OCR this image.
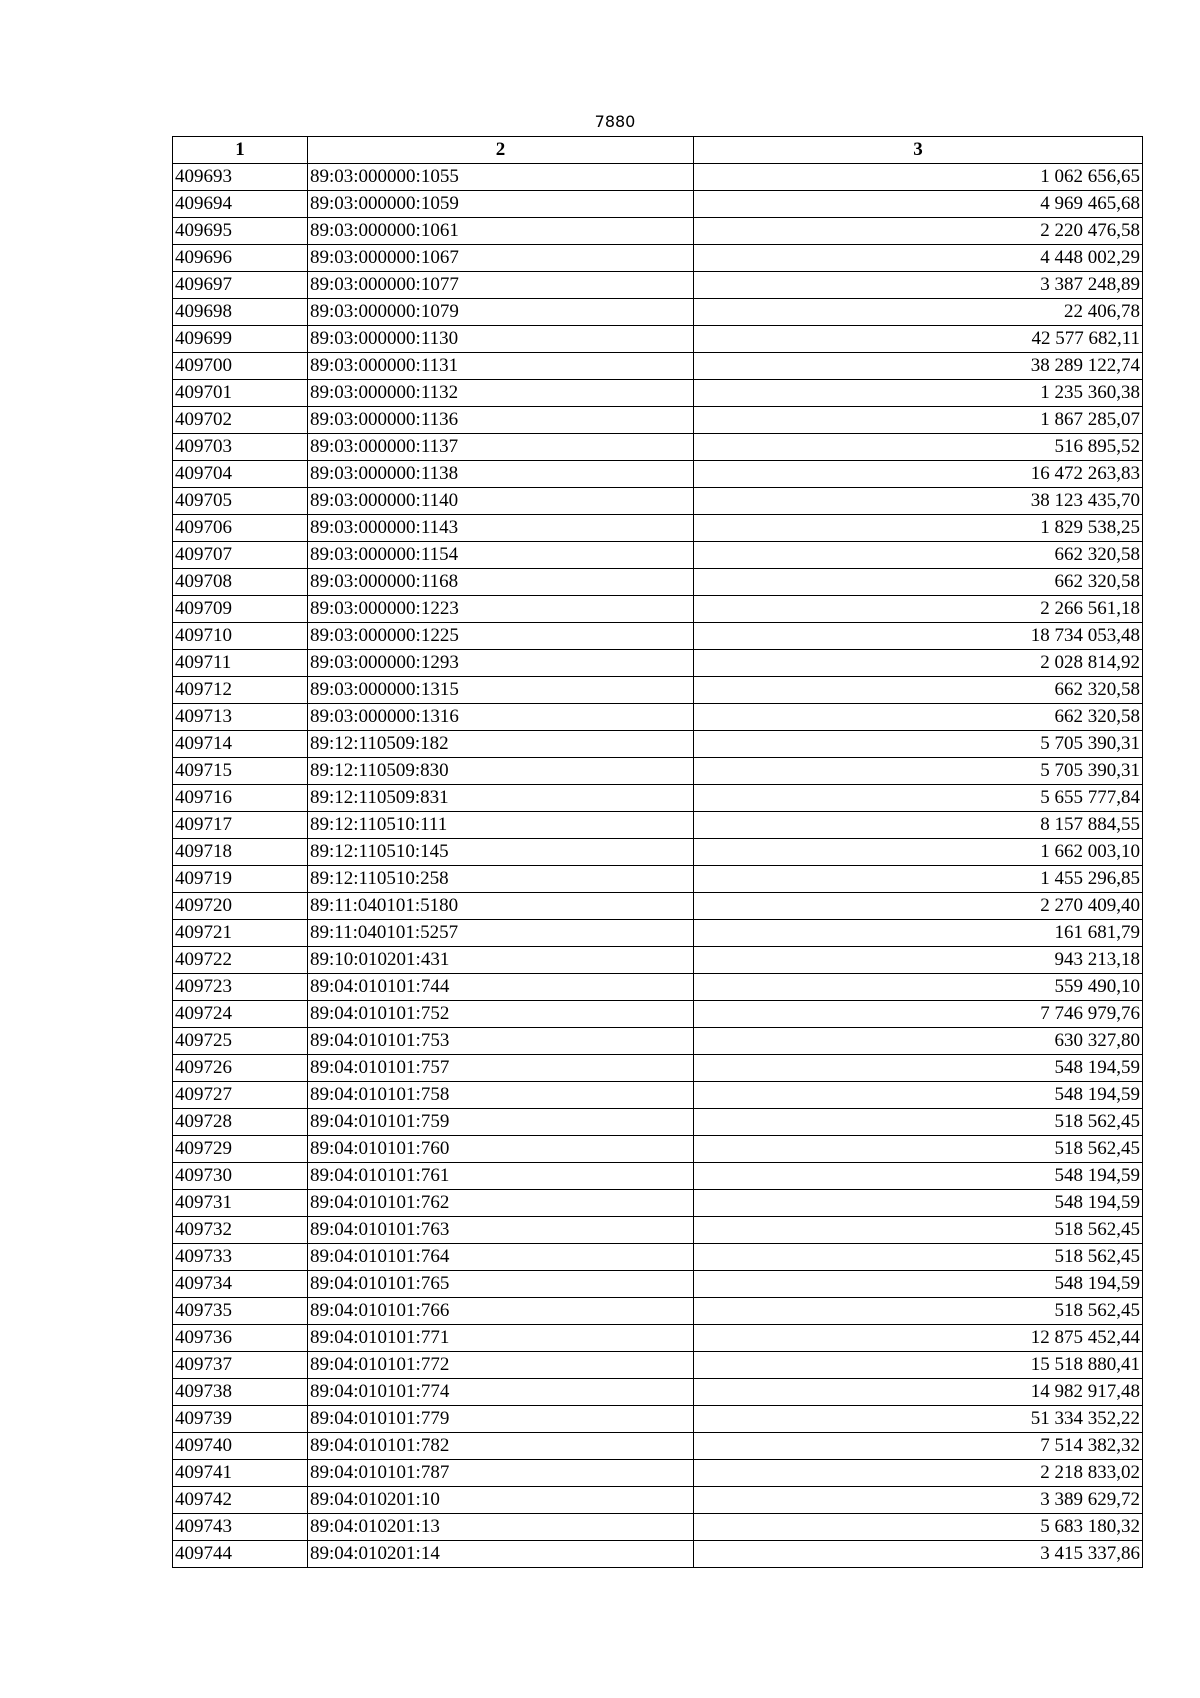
7880
1	2	3
409693	89:03:000000:1055	1 062 656,65
409694	89:03:000000:1059	4 969 465,68
409695	89:03:000000:1061	2 220 476,58
409696	89:03:000000:1067	4 448 002,29
409697	89:03:000000:1077	3 387 248,89
409698	89:03:000000:1079	22 406,78
409699	89:03:000000:1130	42 577 682,11
409700	89:03:000000:1131	38 289 122,74
409701	89:03:000000:1132	1 235 360,38
409702	89:03:000000:1136	1 867 285,07
409703	89:03:000000:1137	516 895,52
409704	89:03:000000:1138	16 472 263,83
409705	89:03:000000:1140	38 123 435,70
409706	89:03:000000:1143	1 829 538,25
409707	89:03:000000:1154	662 320,58
409708	89:03:000000:1168	662 320,58
409709	89:03:000000:1223	2 266 561,18
409710	89:03:000000:1225	18 734 053,48
409711	89:03:000000:1293	2 028 814,92
409712	89:03:000000:1315	662 320,58
409713	89:03:000000:1316	662 320,58
409714	89:12:110509:182	5 705 390,31
409715	89:12:110509:830	5 705 390,31
409716	89:12:110509:831	5 655 777,84
409717	89:12:110510:111	8 157 884,55
409718	89:12:110510:145	1 662 003,10
409719	89:12:110510:258	1 455 296,85
409720	89:11:040101:5180	2 270 409,40
409721	89:11:040101:5257	161 681,79
409722	89:10:010201:431	943 213,18
409723	89:04:010101:744	559 490,10
409724	89:04:010101:752	7 746 979,76
409725	89:04:010101:753	630 327,80
409726	89:04:010101:757	548 194,59
409727	89:04:010101:758	548 194,59
409728	89:04:010101:759	518 562,45
409729	89:04:010101:760	518 562,45
409730	89:04:010101:761	548 194,59
409731	89:04:010101:762	548 194,59
409732	89:04:010101:763	518 562,45
409733	89:04:010101:764	518 562,45
409734	89:04:010101:765	548 194,59
409735	89:04:010101:766	518 562,45
409736	89:04:010101:771	12 875 452,44
409737	89:04:010101:772	15 518 880,41
409738	89:04:010101:774	14 982 917,48
409739	89:04:010101:779	51 334 352,22
409740	89:04:010101:782	7 514 382,32
409741	89:04:010101:787	2 218 833,02
409742	89:04:010201:10	3 389 629,72
409743	89:04:010201:13	5 683 180,32
409744	89:04:010201:14	3 415 337,86
